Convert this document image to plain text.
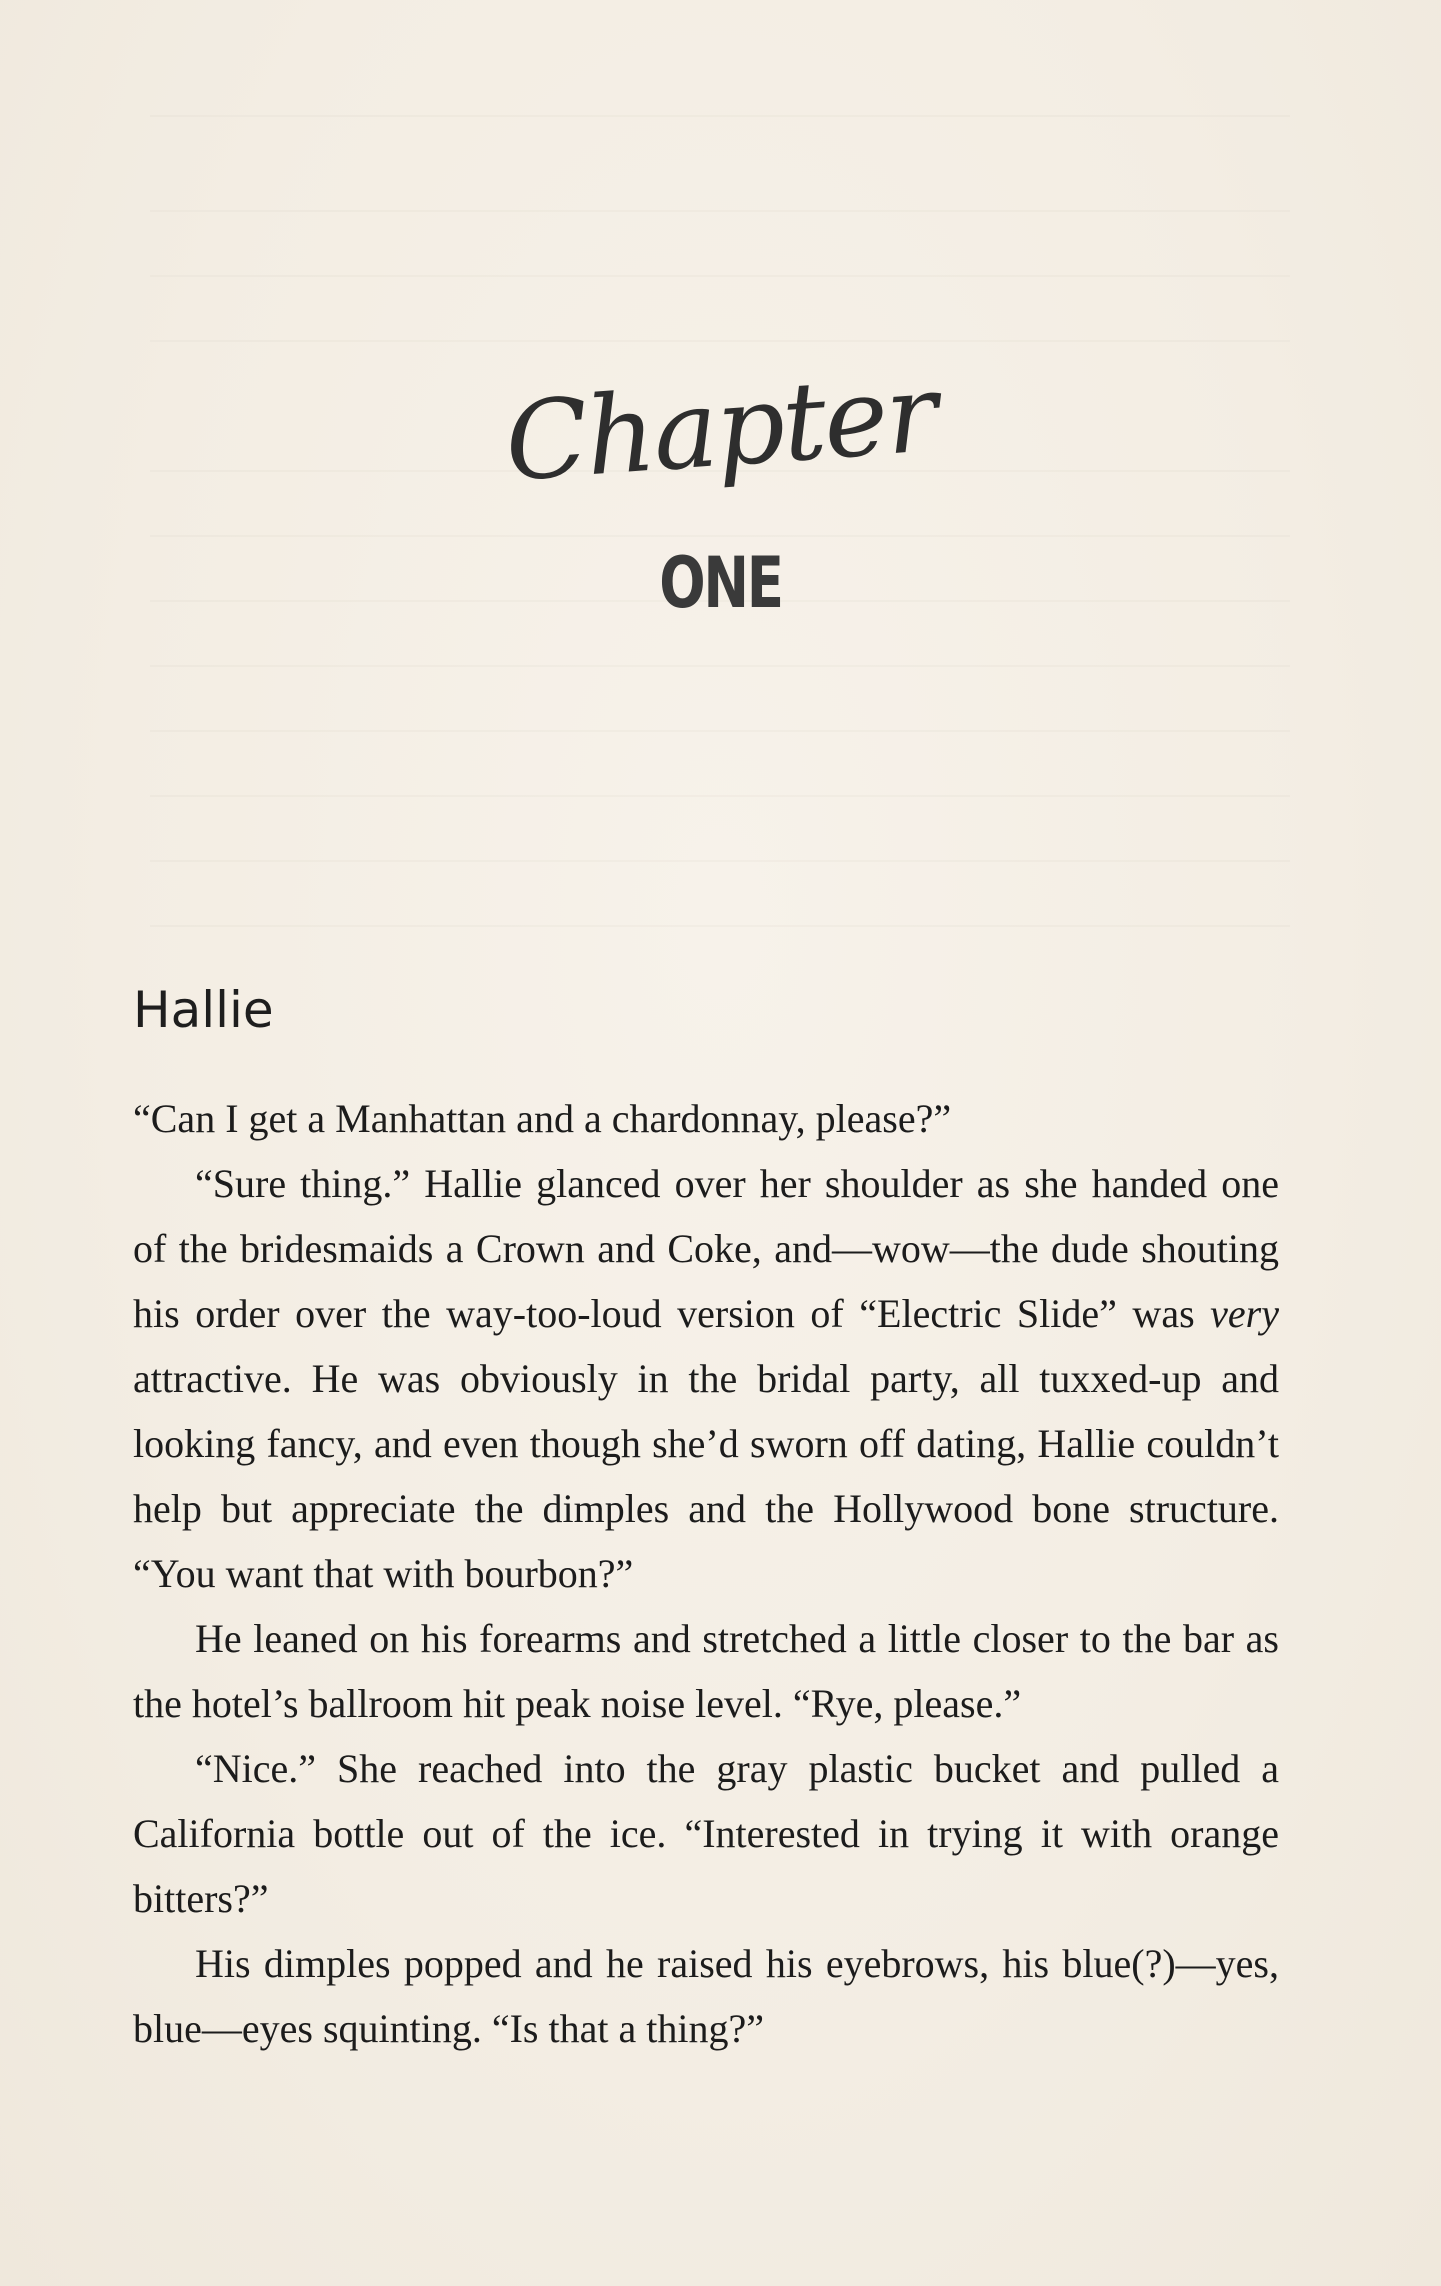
Chapter
ONE
Hallie

“Can I get a Manhattan and a chardonnay, please?”

“Sure thing.” Hallie glanced over her shoulder as she handed one of the bridesmaids a Crown and Coke, and—wow—the dude shouting his order over the way-too-loud version of “Electric Slide” was very attractive. He was obviously in the bridal party, all tuxxed-up and looking fancy, and even though she’d sworn off dating, Hallie couldn’t help but appreciate the dimples and the Hollywood bone structure. “You want that with bourbon?”

He leaned on his forearms and stretched a little closer to the bar as the hotel’s ballroom hit peak noise level. “Rye, please.”

“Nice.” She reached into the gray plastic bucket and pulled a California bottle out of the ice. “Interested in trying it with orange bitters?”

His dimples popped and he raised his eyebrows, his blue(?)—yes, blue—eyes squinting. “Is that a thing?”
